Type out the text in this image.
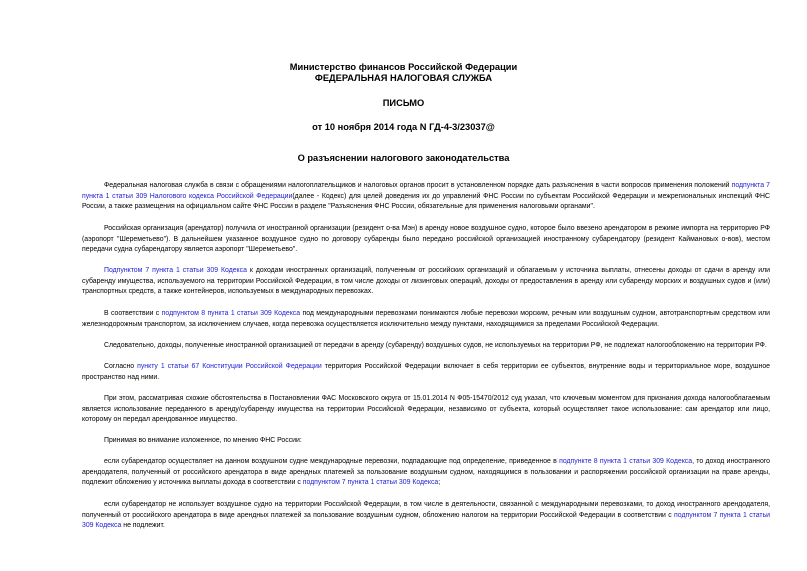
Министерство финансов Российской Федерации
ФЕДЕРАЛЬНАЯ НАЛОГОВАЯ СЛУЖБА
ПИСЬМО
от 10 ноября 2014 года N ГД-4-3/23037@
О разъяснении налогового законодательства

Федеральная налоговая служба в связи с обращениями налогоплательщиков и налоговых органов просит в установленном порядке дать разъяснения в части вопросов применения положений подпункта 7 пункта 1 статьи 309 Налогового кодекса Российской Федерации(далее - Кодекс) для целей доведения их до управлений ФНС России по субъектам Российской Федерации и межрегиональных инспекций ФНС России, а также размещения на официальном сайте ФНС России в разделе "Разъяснения ФНС России, обязательные для применения налоговыми органами".

Российская организация (арендатор) получила от иностранной организации (резидент о-ва Мэн) в аренду новое воздушное судно, которое было ввезено арендатором в режиме импорта на территорию РФ (аэропорт "Шереметьево"). В дальнейшем указанное воздушное судно по договору субаренды было передано российской организацией иностранному субарендатору (резидент Каймановых о-вов), местом передачи судна субарендатору является аэропорт "Шереметьево".

Подпунктом 7 пункта 1 статьи 309 Кодекса к доходам иностранных организаций, полученным от российских организаций и облагаемым у источника выплаты, отнесены доходы от сдачи в аренду или субаренду имущества, используемого на территории Российской Федерации, в том числе доходы от лизинговых операций, доходы от предоставления в аренду или субаренду морских и воздушных судов и (или) транспортных средств, а также контейнеров, используемых в международных перевозках.

В соответствии с подпунктом 8 пункта 1 статьи 309 Кодекса под международными перевозками понимаются любые перевозки морским, речным или воздушным судном, автотранспортным средством или железнодорожным транспортом, за исключением случаев, когда перевозка осуществляется исключительно между пунктами, находящимися за пределами Российской Федерации.

Следовательно, доходы, полученные иностранной организацией от передачи в аренду (субаренду) воздушных судов, не используемых на территории РФ, не подлежат налогообложению на территории РФ.

Согласно пункту 1 статьи 67 Конституции Российской Федерации территория Российской Федерации включает в себя территории ее субъектов, внутренние воды и территориальное море, воздушное пространство над ними.

При этом, рассматривая схожие обстоятельства в Постановлении ФАС Московского округа от 15.01.2014 N Ф05-15470/2012 суд указал, что ключевым моментом для признания дохода налогооблагаемым является использование переданного в аренду/субаренду имущества на территории Российской Федерации, независимо от субъекта, который осуществляет такое использование: сам арендатор или лицо, которому он передал арендованное имущество.

Принимая во внимание изложенное, по мнению ФНС России:

если субарендатор осуществляет на данном воздушном судне международные перевозки, подпадающие под определение, приведенное в подпункте 8 пункта 1 статьи 309 Кодекса, то доход иностранного арендодателя, полученный от российского арендатора в виде арендных платежей за пользование воздушным судном, находящимся в пользовании и распоряжении российской организации на праве аренды, подлежит обложению у источника выплаты дохода в соответствии с подпунктом 7 пункта 1 статьи 309 Кодекса;

если субарендатор не использует воздушное судно на территории Российской Федерации, в том числе в деятельности, связанной с международными перевозками, то доход иностранного арендодателя, полученный от российского арендатора в виде арендных платежей за пользование воздушным судном, обложению налогом на территории Российской Федерации в соответствии с подпунктом 7 пункта 1 статьи 309 Кодекса не подлежит.
